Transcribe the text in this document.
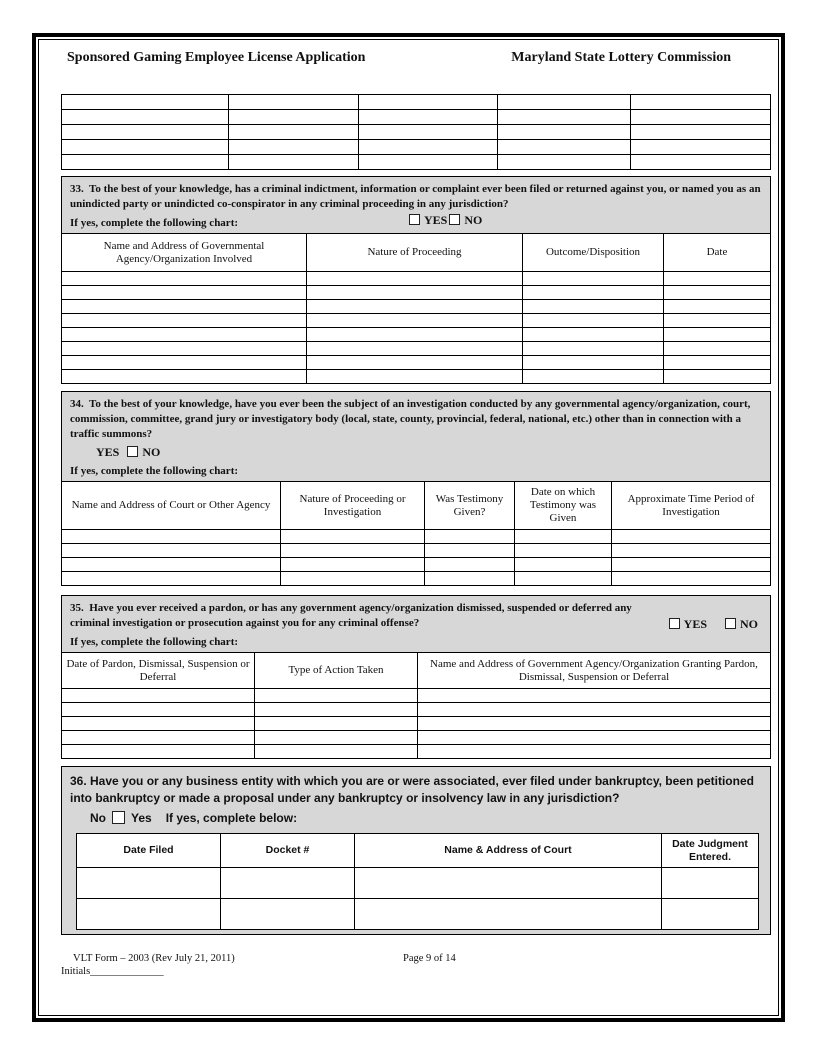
Sponsored Gaming Employee License Application	Maryland State Lottery Commission

33.  To the best of your knowledge, has a criminal indictment, information or complaint ever been filed or returned against you, or named you as an unindicted party or unindicted co-conspirator in any criminal proceeding in any jurisdiction?

YES NO

If yes, complete the following chart:

Name and Address of Governmental Agency/Organization Involved	Nature of Proceeding	Outcome/Disposition	Date

34.  To the best of your knowledge, have you ever been the subject of an investigation conducted by any governmental agency/organization, court, commission, committee, grand jury or investigatory body (local, state, county, provincial, federal, national, etc.) other than in connection with a traffic summons?

YES NO

If yes, complete the following chart:

Name and Address of Court or Other Agency	Nature of Proceeding or Investigation	Was Testimony Given?	Date on which Testimony was Given	Approximate Time Period of Investigation

35.  Have you ever received a pardon, or has any government agency/organization dismissed, suspended or deferred any criminal investigation or prosecution against you for any criminal offense?	YES	NO

If yes, complete the following chart:

Date of Pardon, Dismissal, Suspension or Deferral	Type of Action Taken	Name and Address of Government Agency/Organization Granting Pardon, Dismissal, Suspension or Deferral

36. Have you or any business entity with which you are or were associated, ever filed under bankruptcy, been petitioned into bankruptcy or made a proposal under any bankruptcy or insolvency law in any jurisdiction?

No Yes If yes, complete below:
Date Filed	Docket #	Name & Address of Court	Date Judgment Entered.

VLT Form – 2003 (Rev July 21, 2011)	Page 9 of 14
Initials______________
